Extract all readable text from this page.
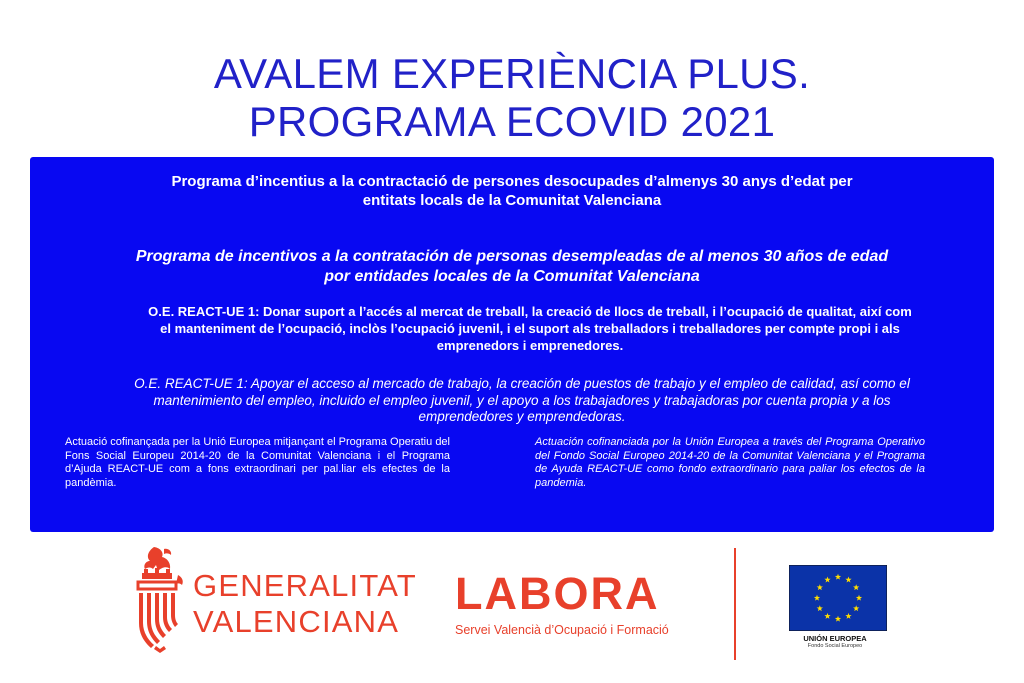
AVALEM EXPERIÈNCIA PLUS.
PROGRAMA ECOVID 2021
Programa d’incentius a la contractació de persones desocupades d’almenys 30 anys d’edat per
entitats locals de la Comunitat Valenciana
Programa de incentivos a la contratación de personas desempleadas de al menos 30 años de edad
por entidades locales de la Comunitat Valenciana
O.E. REACT-UE 1: Donar suport a l’accés al mercat de treball, la creació de llocs de treball, i l’ocupació de qualitat, així com
el manteniment de l’ocupació, inclòs l’ocupació juvenil, i el suport als treballadors i treballadores per compte propi i als
emprenedors i emprenedores.
O.E. REACT-UE 1: Apoyar el acceso al mercado de trabajo, la creación de puestos de trabajo y el empleo de calidad, así como el
mantenimiento del empleo, incluido el empleo juvenil, y el apoyo a los trabajadores y trabajadoras por cuenta propia y a los
emprendedores y emprendedoras.
Actuació cofinançada per la Unió Europea mitjançant el Programa Operatiu del Fons Social Europeu 2014-20 de la Comunitat Valenciana i el Programa d’Ajuda REACT-UE com a fons extraordinari per pal.liar els efectes de la pandèmia.
Actuación cofinanciada por la Unión Europea a través del Programa Operativo del Fondo Social Europeo 2014-20 de la Comunitat Valenciana y el Programa de Ayuda REACT-UE como fondo extraordinario para paliar los efectos de la pandemia.
GENERALITAT
VALENCIANA
LABORA
Servei Valencià d’Ocupació i Formació
UNIÓN EUROPEA
Fondo Social Europeo
